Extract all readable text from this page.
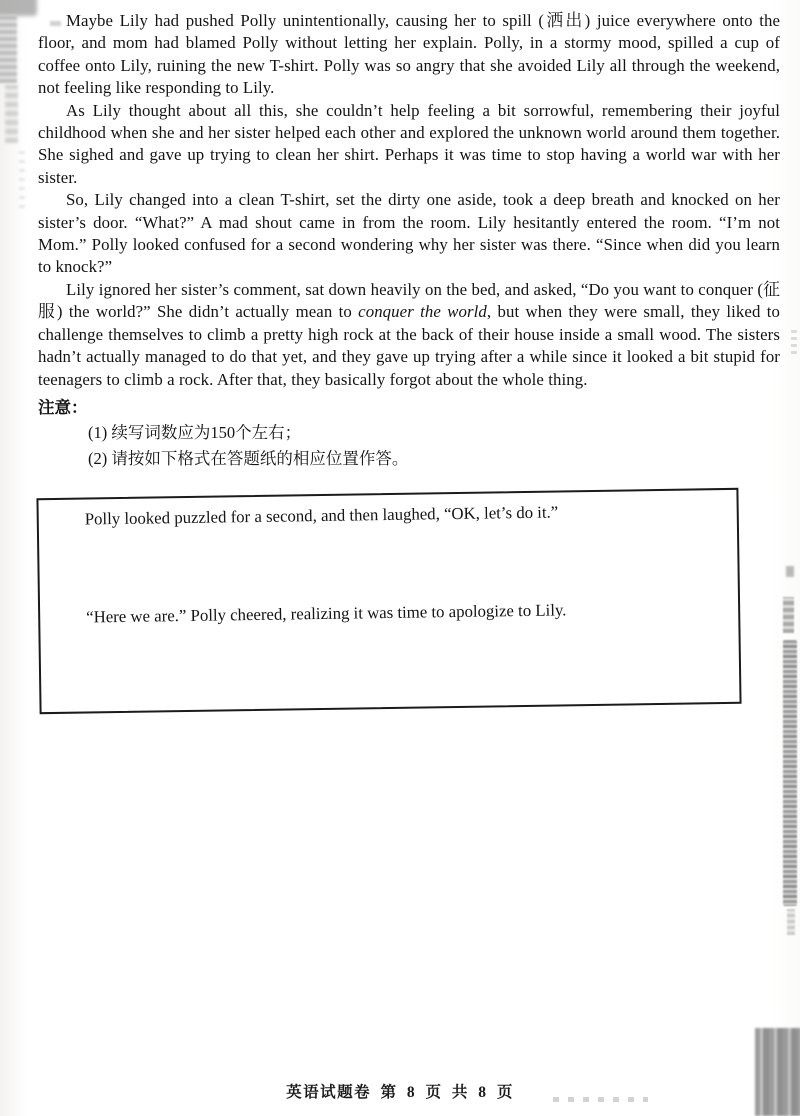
Maybe Lily had pushed Polly unintentionally, causing her to spill (洒出) juice everywhere onto the floor, and mom had blamed Polly without letting her explain. Polly, in a stormy mood, spilled a cup of coffee onto Lily, ruining the new T-shirt. Polly was so angry that she avoided Lily all through the weekend, not feeling like responding to Lily.

As Lily thought about all this, she couldn’t help feeling a bit sorrowful, remembering their joyful childhood when she and her sister helped each other and explored the unknown world around them together. She sighed and gave up trying to clean her shirt. Perhaps it was time to stop having a world war with her sister.

So, Lily changed into a clean T-shirt, set the dirty one aside, took a deep breath and knocked on her sister’s door. “What?” A mad shout came in from the room. Lily hesitantly entered the room. “I’m not Mom.” Polly looked confused for a second wondering why her sister was there. “Since when did you learn to knock?”

Lily ignored her sister’s comment, sat down heavily on the bed, and asked, “Do you want to conquer (征服) the world?” She didn’t actually mean to conquer the world, but when they were small, they liked to challenge themselves to climb a pretty high rock at the back of their house inside a small wood. The sisters hadn’t actually managed to do that yet, and they gave up trying after a while since it looked a bit stupid for teenagers to climb a rock. After that, they basically forgot about the whole thing.

注意：
(1) 续写词数应为150个左右；
(2) 请按如下格式在答题纸的相应位置作答。

Polly looked puzzled for a second, and then laughed, “OK, let’s do it.”

“Here we are.” Polly cheered, realizing it was time to apologize to Lily.

英语试题卷 第 8 页 共 8 页
